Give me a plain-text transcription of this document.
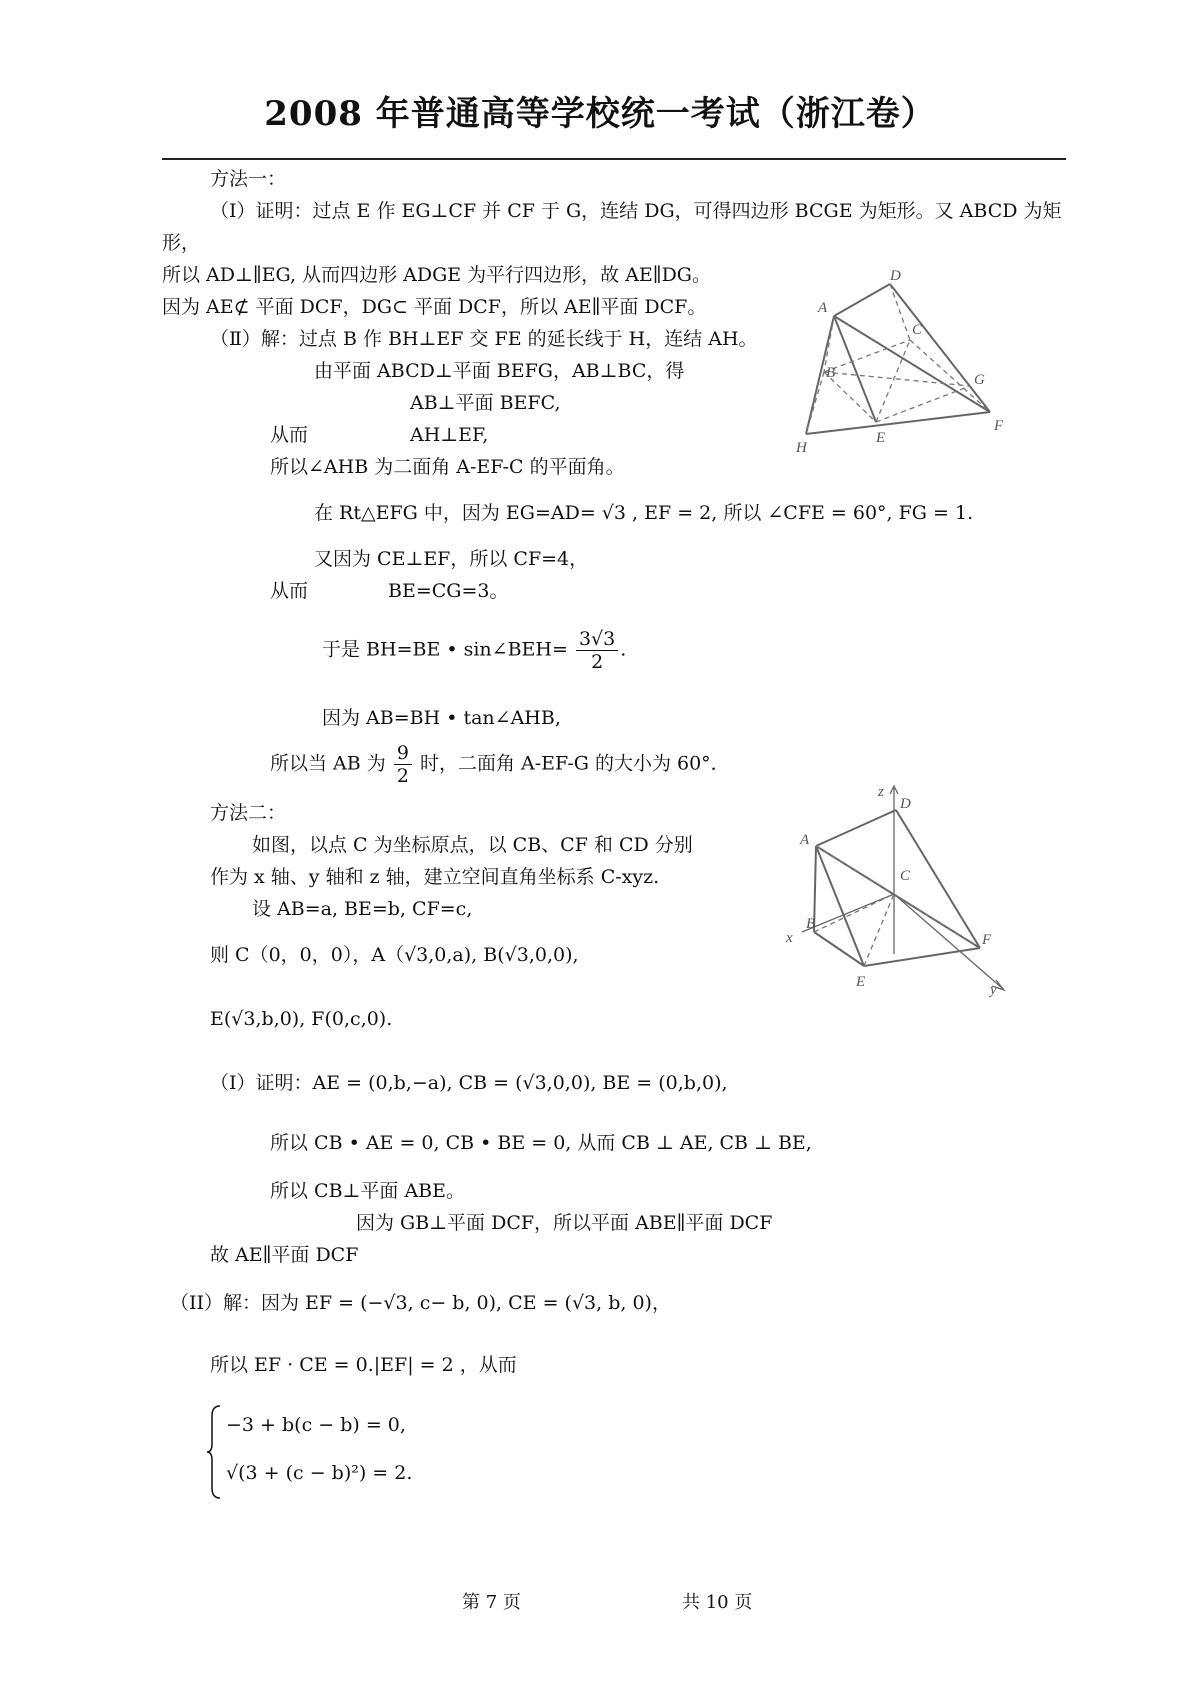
2008 年普通高等学校统一考试（浙江卷）
方法一：
（Ⅰ）证明：过点 E 作 EG⊥CF 并 CF 于 G，连结 DG，可得四边形 BCGE 为矩形。又 ABCD 为矩
形，
所以 AD⊥∥EG, 从而四边形 ADGE 为平行四边形，故 AE∥DG。
因为 AE⊄ 平面 DCF，DG⊂ 平面 DCF，所以 AE∥平面 DCF。
（Ⅱ）解：过点 B 作 BH⊥EF 交 FE 的延长线于 H，连结 AH。
由平面 ABCD⊥平面 BEFG，AB⊥BC，得
AB⊥平面 BEFC,
从而	AH⊥EF,
所以∠AHB 为二面角 A-EF-C 的平面角。
在 Rt△EFG 中，因为 EG=AD= √3 , EF = 2, 所以 ∠CFE = 60°, FG = 1.
又因为 CE⊥EF，所以 CF=4，
从而	BE=CG=3。
于是 BH=BE • sin∠BEH= $\frac{3√3}{2}$ .
因为 AB=BH • tan∠AHB,
所以当 AB 为 $\frac{9}{2}$ 时，二面角 A-EF-G 的大小为 60°．
方法二：
如图，以点 C 为坐标原点，以 CB、CF 和 CD 分别
作为 x 轴、y 轴和 z 轴，建立空间直角坐标系 C-xyz.
设 AB=a, BE=b, CF=c,
则 C（0，0，0），A（√3,0,a), B(√3,0,0),
E(√3,b,0), F(0,c,0).
（Ⅰ）证明：AE = (0,b,−a), CB = (√3,0,0), BE = (0,b,0),
所以 CB • AE = 0, CB • BE = 0, 从而 CB ⊥ AE, CB ⊥ BE,
所以 CB⊥平面 ABE。
因为 GB⊥平面 DCF，所以平面 ABE∥平面 DCF
故 AE∥平面 DCF
（II）解：因为 EF = (−√3, c− b, 0), CE = (√3, b, 0)，
所以 EF · CE = 0.|EF| = 2 ，从而
−3 + b(c − b) = 0,
√(3 + (c − b)²) = 2.
D
A
C
B	G
F
E
H
z
D
A
C
x
B
F
E	y
第 7 页	共 10 页
